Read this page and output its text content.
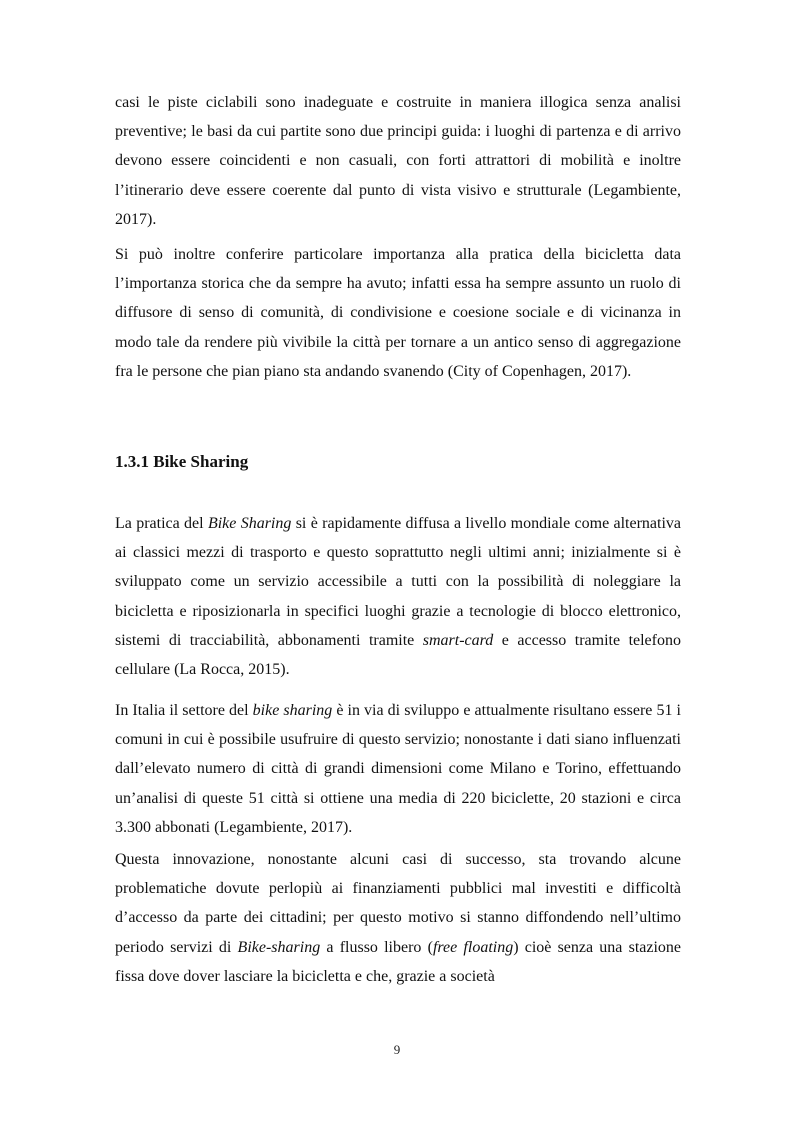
casi le piste ciclabili sono inadeguate e costruite in maniera illogica senza analisi preventive; le basi da cui partite sono due principi guida: i luoghi di partenza e di arrivo devono essere coincidenti e non casuali, con forti attrattori di mobilità e inoltre l’itinerario deve essere coerente dal punto di vista visivo e strutturale (Legambiente, 2017).

Si può inoltre conferire particolare importanza alla pratica della bicicletta data l’importanza storica che da sempre ha avuto; infatti essa ha sempre assunto un ruolo di diffusore di senso di comunità, di condivisione e coesione sociale e di vicinanza in modo tale da rendere più vivibile la città per tornare a un antico senso di aggregazione fra le persone che pian piano sta andando svanendo (City of Copenhagen, 2017).

1.3.1 Bike Sharing

La pratica del Bike Sharing si è rapidamente diffusa a livello mondiale come alternativa ai classici mezzi di trasporto e questo soprattutto negli ultimi anni; inizialmente si è sviluppato come un servizio accessibile a tutti con la possibilità di noleggiare la bicicletta e riposizionarla in specifici luoghi grazie a tecnologie di blocco elettronico, sistemi di tracciabilità, abbonamenti tramite smart-card e accesso tramite telefono cellulare (La Rocca, 2015).

In Italia il settore del bike sharing è in via di sviluppo e attualmente risultano essere 51 i comuni in cui è possibile usufruire di questo servizio; nonostante i dati siano influenzati dall’elevato numero di città di grandi dimensioni come Milano e Torino, effettuando un’analisi di queste 51 città si ottiene una media di 220 biciclette, 20 stazioni e circa 3.300 abbonati (Legambiente, 2017).

Questa innovazione, nonostante alcuni casi di successo, sta trovando alcune problematiche dovute perlopiù ai finanziamenti pubblici mal investiti e difficoltà d’accesso da parte dei cittadini; per questo motivo si stanno diffondendo nell’ultimo periodo servizi di Bike-sharing a flusso libero (free floating) cioè senza una stazione fissa dove dover lasciare la bicicletta e che, grazie a società

9
